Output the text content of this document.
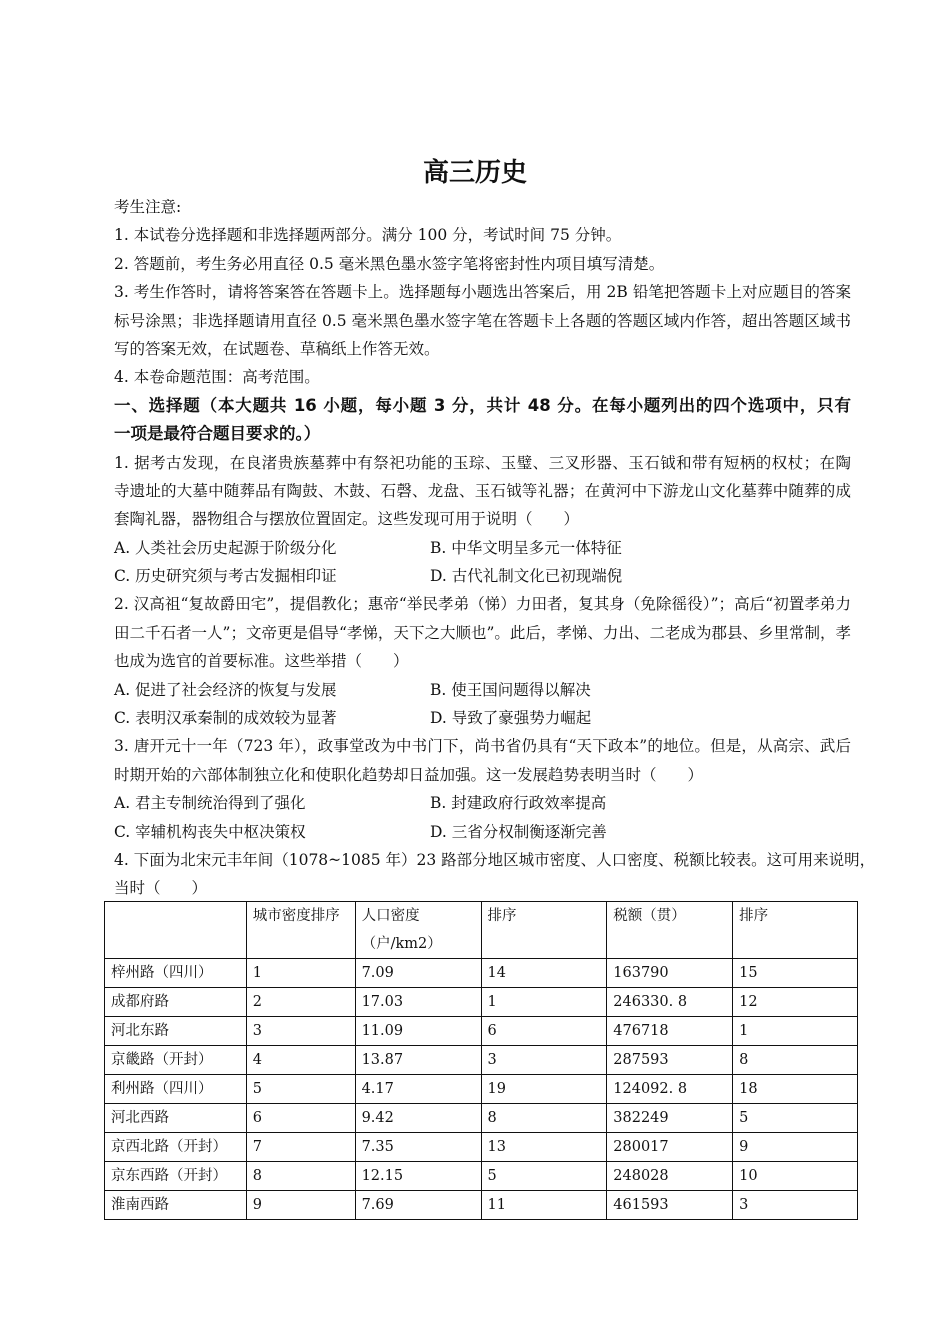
高三历史
考生注意:
1. 本试卷分选择题和非选择题两部分。满分 100 分，考试时间 75 分钟。
2. 答题前，考生务必用直径 0.5 毫米黑色墨水签字笔将密封性内项目填写清楚。
3. 考生作答时，请将答案答在答题卡上。选择题每小题选出答案后，用 2B 铅笔把答题卡上对应题目的答案
标号涂黑；非选择题请用直径 0.5 毫米黑色墨水签字笔在答题卡上各题的答题区域内作答，超出答题区域书
写的答案无效，在试题卷、草稿纸上作答无效。
4. 本卷命题范围：高考范围。
一、选择题（本大题共 16 小题，每小题 3 分，共计 48 分。在每小题列出的四个选项中，只有
一项是最符合题目要求的。）
1. 据考古发现，在良渚贵族墓葬中有祭祀功能的玉琮、玉璧、三叉形器、玉石钺和带有短柄的权杖；在陶
寺遗址的大墓中随葬品有陶鼓、木鼓、石磬、龙盘、玉石钺等礼器；在黄河中下游龙山文化墓葬中随葬的成
套陶礼器，器物组合与摆放位置固定。这些发现可用于说明（　　）
A. 人类社会历史起源于阶级分化	B. 中华文明呈多元一体特征
C. 历史研究须与考古发掘相印证	D. 古代礼制文化已初现端倪
2. 汉高祖“复故爵田宅”，提倡教化；惠帝“举民孝弟（悌）力田者，复其身（免除徭役）”；高后“初置孝弟力
田二千石者一人”；文帝更是倡导“孝悌，天下之大顺也”。此后，孝悌、力出、二老成为郡县、乡里常制，孝
也成为选官的首要标准。这些举措（　　）
A. 促进了社会经济的恢复与发展	B. 使王国问题得以解决
C. 表明汉承秦制的成效较为显著	D. 导致了豪强势力崛起
3. 唐开元十一年（723 年），政事堂改为中书门下，尚书省仍具有“天下政本”的地位。但是，从高宗、武后
时期开始的六部体制独立化和使职化趋势却日益加强。这一发展趋势表明当时（　　）
A. 君主专制统治得到了强化	B. 封建政府行政效率提高
C. 宰辅机构丧失中枢决策权	D. 三省分权制衡逐渐完善
4. 下面为北宋元丰年间（1078~1085 年）23 路部分地区城市密度、人口密度、税额比较表。这可用来说明，
当时（　　）
	城市密度排序	人口密度（户/km2）	排序	税额（贯）	排序
梓州路（四川）	1	7.09	14	163790	15
成都府路	2	17.03	1	246330. 8	12
河北东路	3	11.09	6	476718	1
京畿路（开封）	4	13.87	3	287593	8
利州路（四川）	5	4.17	19	124092. 8	18
河北西路	6	9.42	8	382249	5
京西北路（开封）	7	7.35	13	280017	9
京东西路（开封）	8	12.15	5	248028	10
淮南西路	9	7.69	11	461593	3
